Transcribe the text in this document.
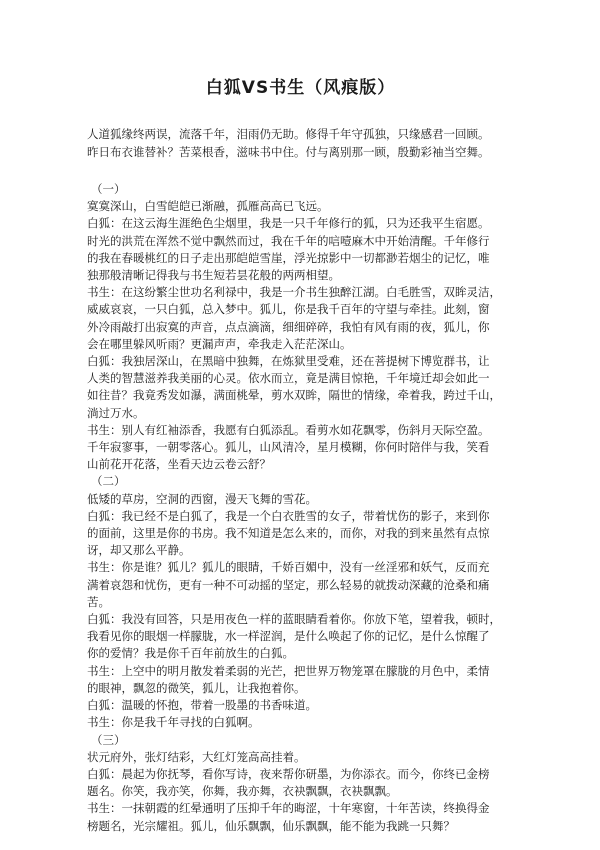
白狐VS书生（风痕版）

人道狐缘终两误，流落千年，泪雨仍无助。修得千年守孤独，只缘感君一回顾。

昨日布衣谁替补？苦菜根香，滋味书中住。付与离别那一顾，殷勤彩袖当空舞。

（一）

寞寞深山，白雪皑皑已渐融，孤雁高高已飞远。

白狐：在这云海生涯绝色尘烟里，我是一只千年修行的狐，只为还我平生宿愿。

时光的洪荒在浑然不觉中飘然而过，我在千年的唁噎麻木中开始清醒。千年修行

的我在春暖桃红的日子走出那皑皑雪崖，浮光掠影中一切都渺若烟尘的记忆，唯

独那般清晰记得我与书生短若昙花般的两两相望。

书生：在这纷繁尘世功名利禄中，我是一介书生独醉江湖。白毛胜雪，双眸灵洁，

威威哀哀，一只白狐，总入梦中。狐儿，你是我千百年的守望与牵挂。此刻，窗

外冷雨敲打出寂寞的声音，点点滴滴，细细碎碎，我怕有风有雨的夜，狐儿，你

会在哪里躲风听雨？更漏声声，牵我走入茫茫深山。

白狐：我独居深山，在黑暗中独舞，在炼狱里受难，还在菩提树下博览群书，让

人类的智慧滋养我美丽的心灵。依水而立，竟是满目惊艳，千年境迁却会如此一

如往昔？我竟秀发如瀑，满面桃晕，剪水双眸，隔世的情缘，牵着我，跨过千山，

淌过万水。

书生：别人有红袖添香，我愿有白狐添乱。看剪水如花飘零，伤斜月天际空盈。

千年寂寥事，一朝零落心。狐儿，山风清冷，星月模糊，你何时陪伴与我，笑看

山前花开花落，坐看天边云卷云舒？

（二）

低矮的草房，空洞的西窗，漫天飞舞的雪花。

白狐：我已经不是白狐了，我是一个白衣胜雪的女子，带着忧伤的影子，来到你

的面前，这里是你的书房。我不知道是怎么来的，而你，对我的到来虽然有点惊

讶，却又那么平静。

书生：你是谁？狐儿？狐儿的眼睛，千娇百媚中，没有一丝淫邪和妖气，反而充

满着哀怨和忧伤，更有一种不可动摇的坚定，那么轻易的就拨动深藏的沧桑和痛

苦。

白狐：我没有回答，只是用夜色一样的蓝眼睛看着你。你放下笔，望着我，顿时，

我看见你的眼烟一样朦胧，水一样涩润，是什么唤起了你的记忆，是什么惊醒了

你的爱情？我是你千百年前放生的白狐。

书生：上空中的明月散发着柔弱的光芒，把世界万物笼罩在朦胧的月色中，柔情

的眼神，飘忽的微笑，狐儿，让我抱着你。

白狐：温暖的怀抱，带着一股墨的书香味道。

书生：你是我千年寻找的白狐啊。

（三）

状元府外，张灯结彩，大红灯笼高高挂着。

白狐：晨起为你抚琴，看你写诗，夜来帮你研墨，为你添衣。而今，你终已金榜

题名。你笑，我亦笑，你舞，我亦舞，衣袂飘飘，衣袂飘飘。

书生：一抹朝霞的红晕通明了压抑千年的晦涩，十年寒窗，十年苦读，终换得金

榜题名，光宗耀祖。狐儿，仙乐飘飘，仙乐飘飘，能不能为我跳一只舞？
